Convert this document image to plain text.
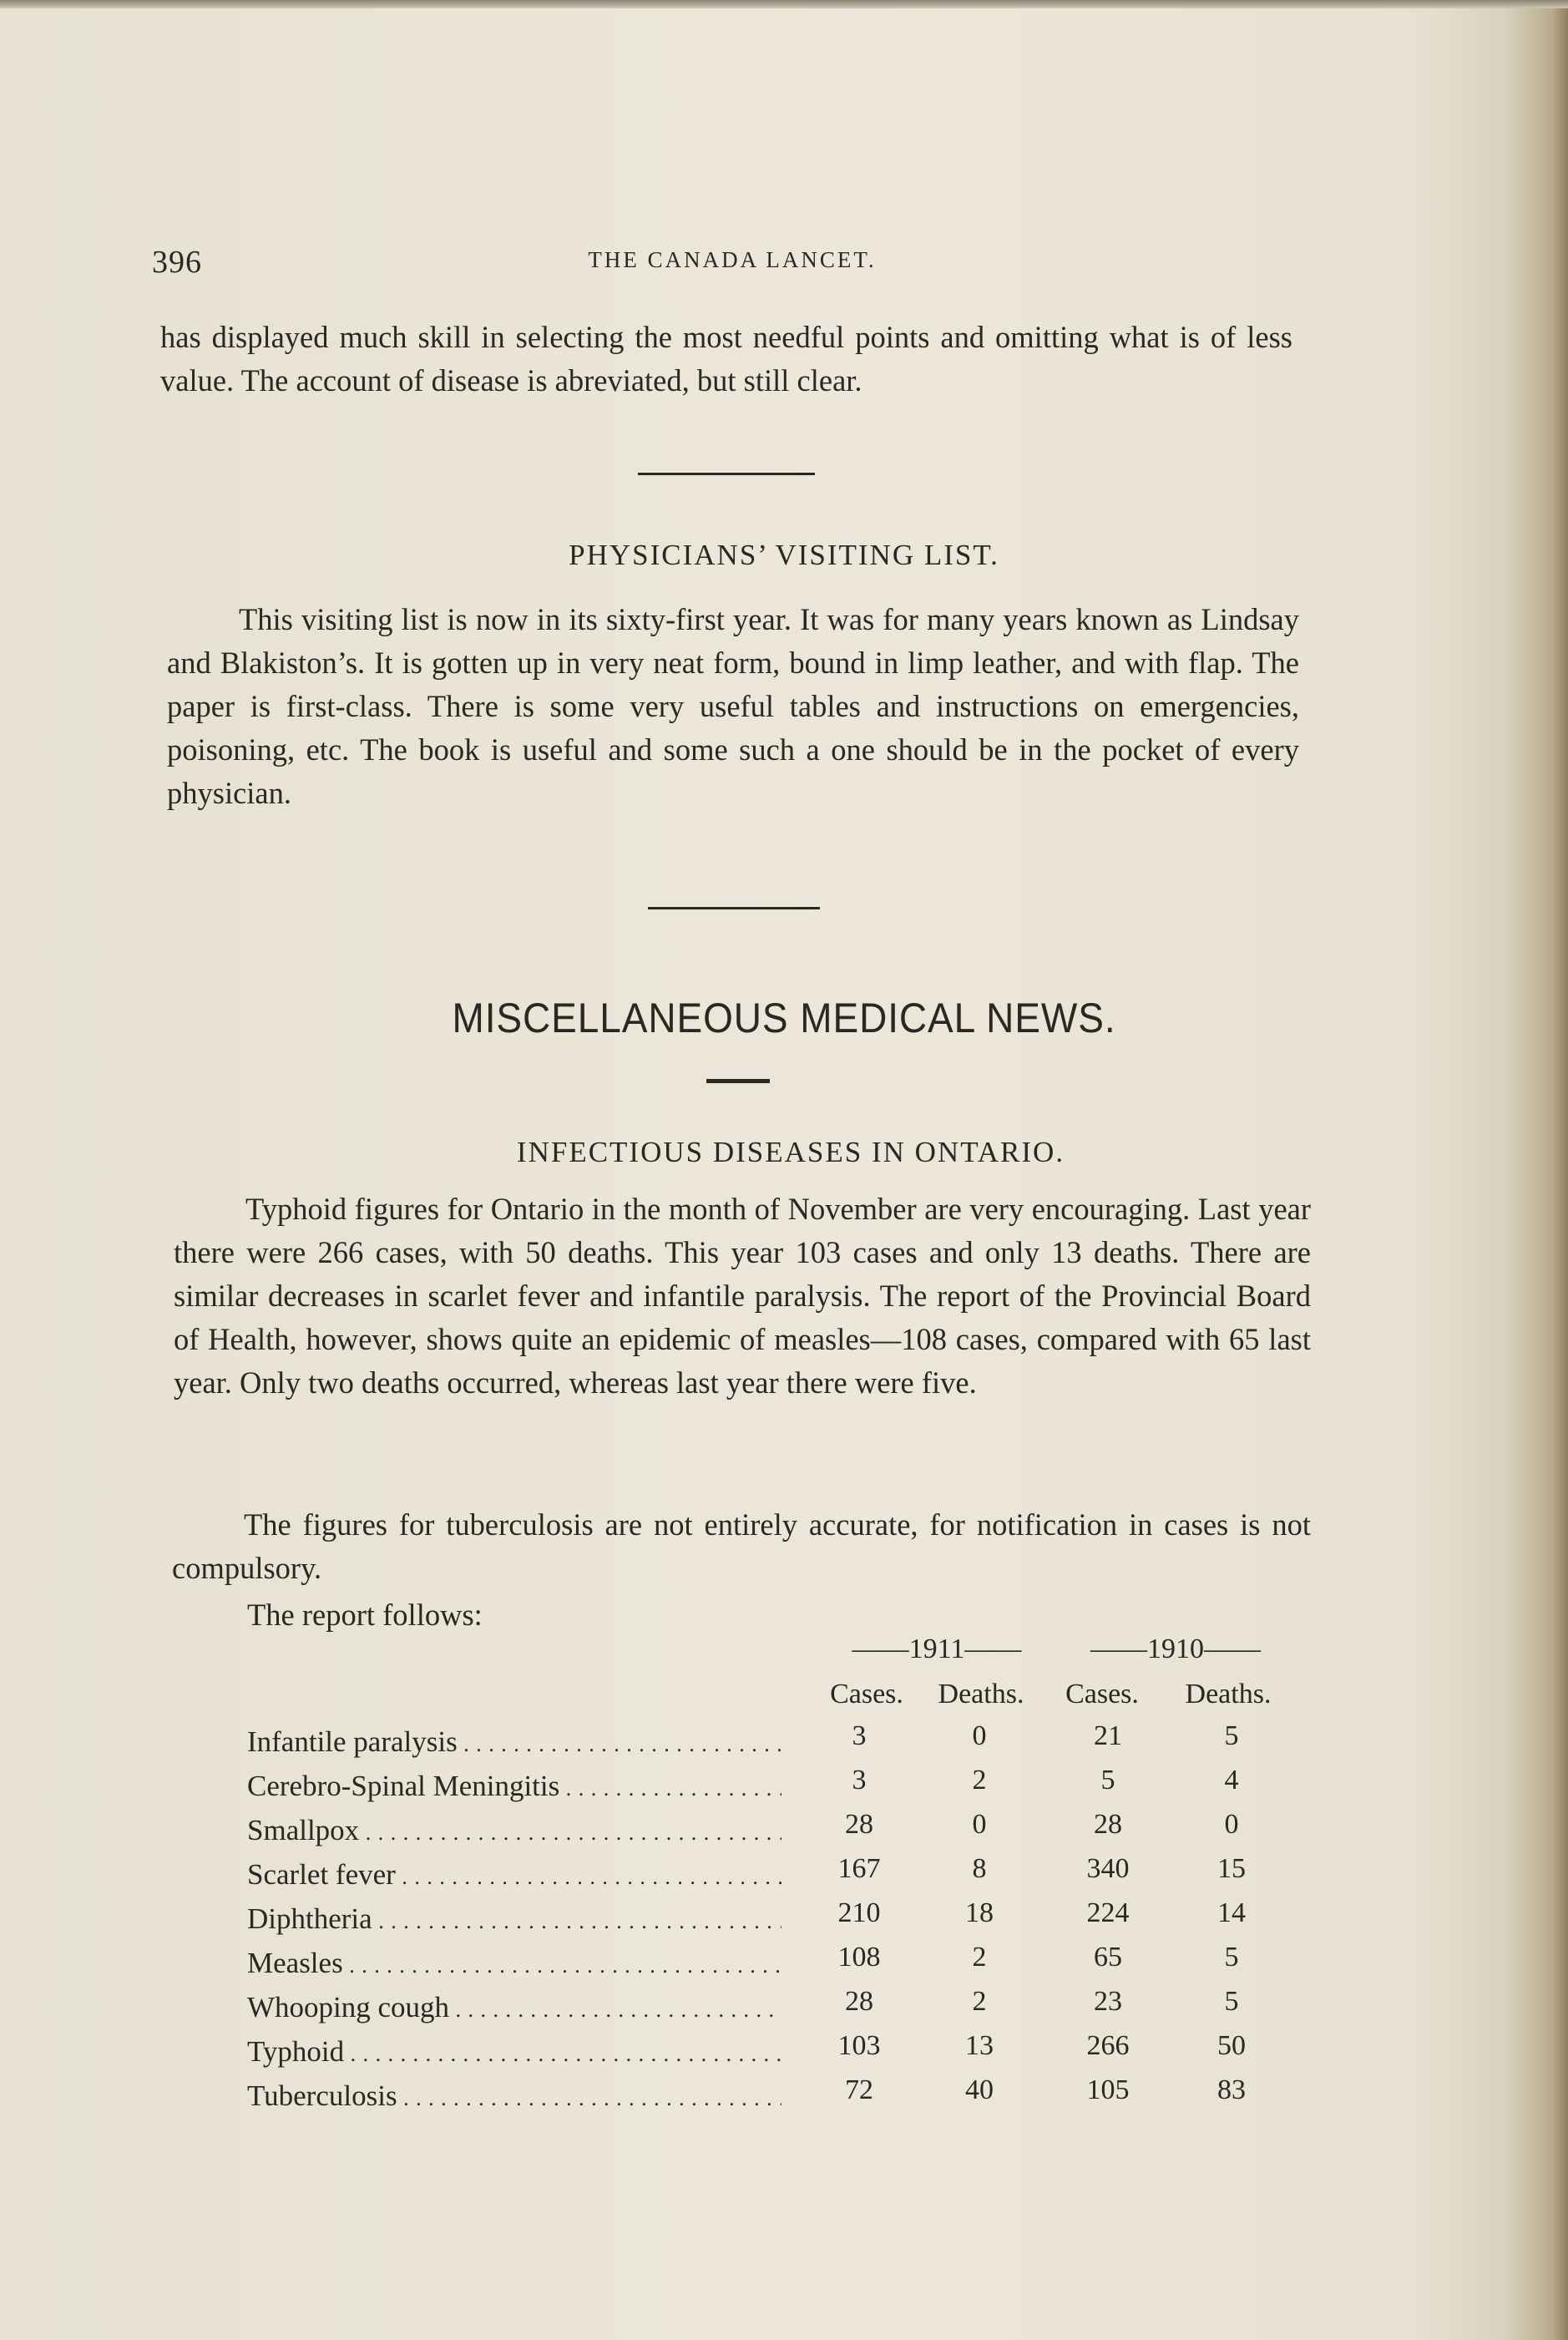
396	THE CANADA LANCET.

has displayed much skill in selecting the most needful points and omitting what is of less value. The account of disease is abreviated, but still clear.

PHYSICIANS’ VISITING LIST.

This visiting list is now in its sixty-first year. It was for many years known as Lindsay and Blakiston’s. It is gotten up in very neat form, bound in limp leather, and with flap. The paper is first-class. There is some very useful tables and instructions on emergencies, poisoning, etc. The book is useful and some such a one should be in the pocket of every physician.

MISCELLANEOUS MEDICAL NEWS.
INFECTIOUS DISEASES IN ONTARIO.

Typhoid figures for Ontario in the month of November are very encouraging. Last year there were 266 cases, with 50 deaths. This year 103 cases and only 13 deaths. There are similar decreases in scarlet fever and infantile paralysis. The report of the Provincial Board of Health, however, shows quite an epidemic of measles—108 cases, compared with 65 last year. Only two deaths occurred, whereas last year there were five.

The figures for tuberculosis are not entirely accurate, for notification in cases is not compulsory.

The report follows:

——1911——	——1910——
Cases.	Deaths.	Cases.	Deaths.
Infantile paralysis . . .	3	0	21	5
Cerebro-Spinal Meningitis . . .	3	2	5	4
Smallpox . . .	28	0	28	0
Scarlet fever . . .	167	8	340	15
Diphtheria . . .	210	18	224	14
Measles . . .	108	2	65	5
Whooping cough . . .	28	2	23	5
Typhoid . . .	103	13	266	50
Tuberculosis . . .	72	40	105	83
